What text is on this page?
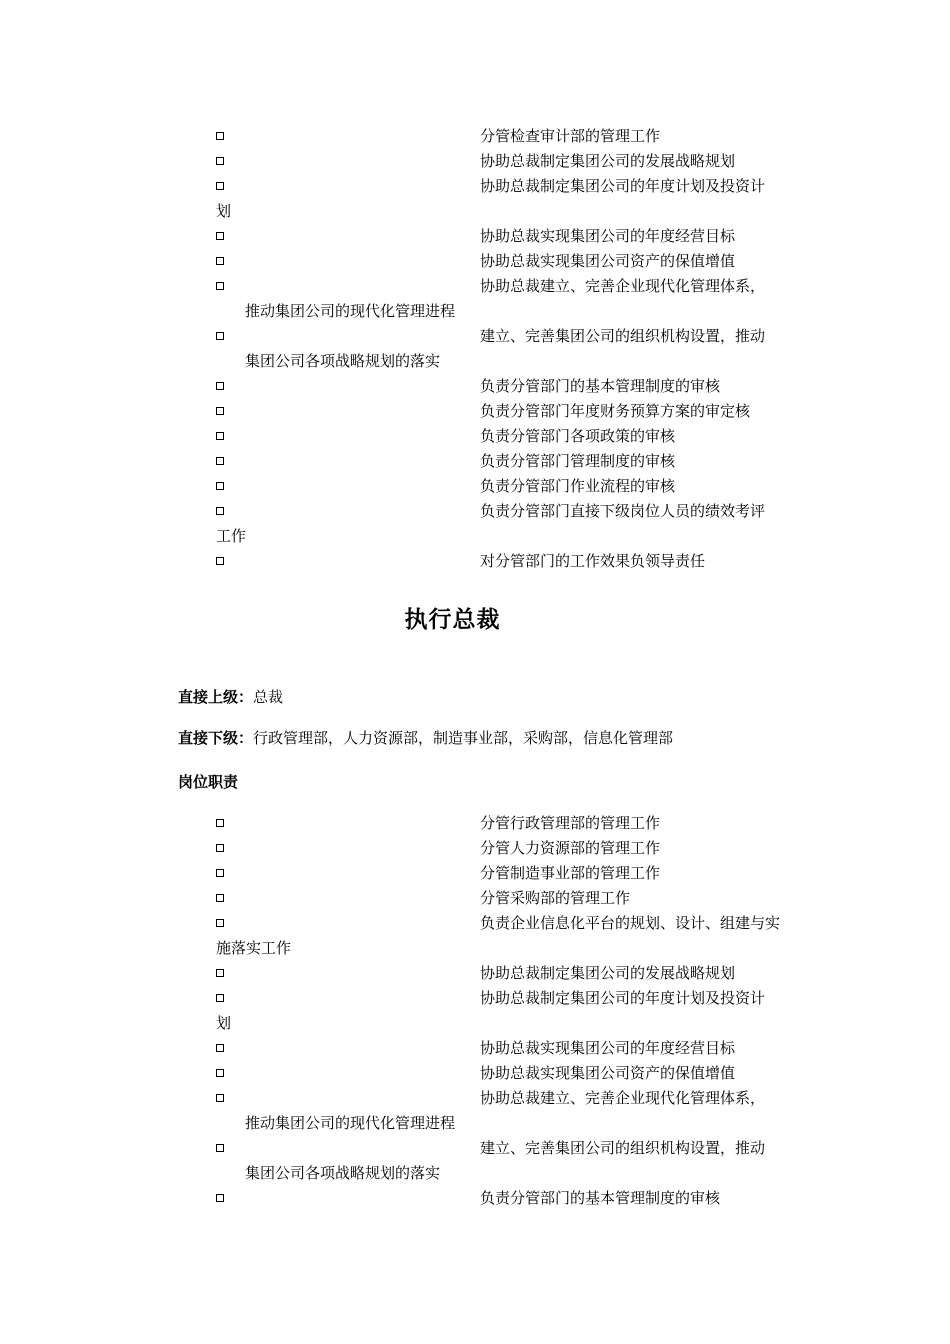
分管检查审计部的管理工作
协助总裁制定集团公司的发展战略规划
协助总裁制定集团公司的年度计划及投资计
划
协助总裁实现集团公司的年度经营目标
协助总裁实现集团公司资产的保值增值
协助总裁建立、完善企业现代化管理体系，
推动集团公司的现代化管理进程
建立、完善集团公司的组织机构设置，推动
集团公司各项战略规划的落实
负责分管部门的基本管理制度的审核
负责分管部门年度财务预算方案的审定核
负责分管部门各项政策的审核
负责分管部门管理制度的审核
负责分管部门作业流程的审核
负责分管部门直接下级岗位人员的绩效考评
工作
对分管部门的工作效果负领导责任
执行总裁
直接上级：总裁
直接下级：行政管理部，人力资源部，制造事业部，采购部，信息化管理部
岗位职责
分管行政管理部的管理工作
分管人力资源部的管理工作
分管制造事业部的管理工作
分管采购部的管理工作
负责企业信息化平台的规划、设计、组建与实
施落实工作
协助总裁制定集团公司的发展战略规划
协助总裁制定集团公司的年度计划及投资计
划
协助总裁实现集团公司的年度经营目标
协助总裁实现集团公司资产的保值增值
协助总裁建立、完善企业现代化管理体系，
推动集团公司的现代化管理进程
建立、完善集团公司的组织机构设置，推动
集团公司各项战略规划的落实
负责分管部门的基本管理制度的审核
